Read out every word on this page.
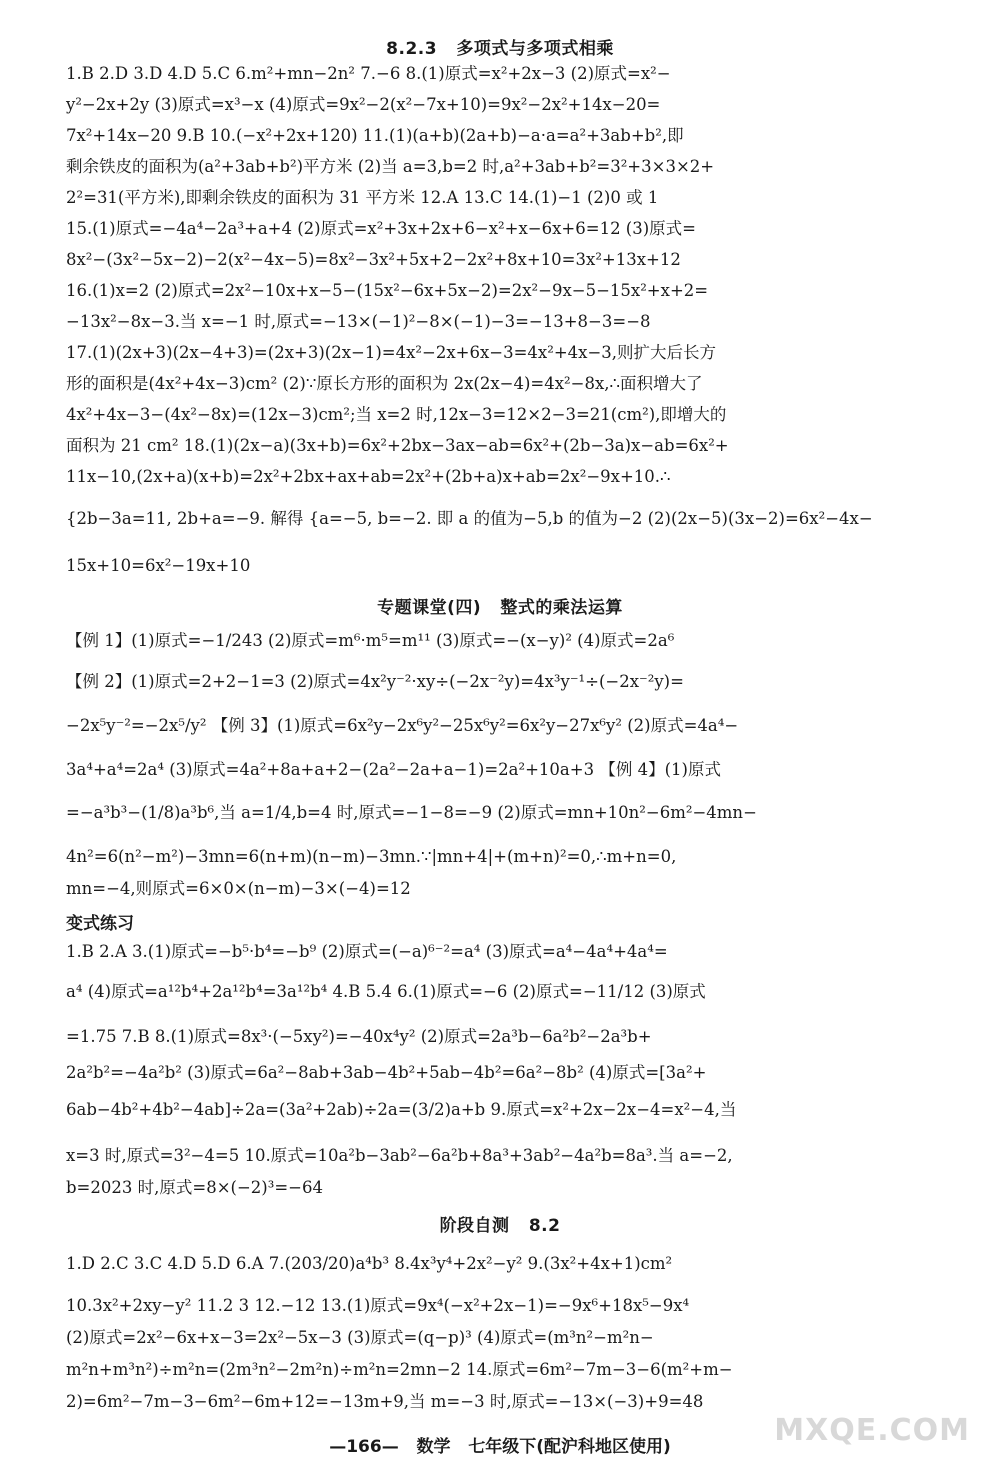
8.2.3   多项式与多项式相乘
1.B 2.D 3.D 4.D 5.C 6.m²+mn−2n² 7.−6 8.(1)原式=x²+2x−3 (2)原式=x²−
y²−2x+2y (3)原式=x³−x (4)原式=9x²−2(x²−7x+10)=9x²−2x²+14x−20=
7x²+14x−20 9.B 10.(−x²+2x+120) 11.(1)(a+b)(2a+b)−a·a=a²+3ab+b²,即
剩余铁皮的面积为(a²+3ab+b²)平方米 (2)当 a=3,b=2 时,a²+3ab+b²=3²+3×3×2+
2²=31(平方米),即剩余铁皮的面积为 31 平方米 12.A 13.C 14.(1)−1 (2)0 或 1
15.(1)原式=−4a⁴−2a³+a+4 (2)原式=x²+3x+2x+6−x²+x−6x+6=12 (3)原式=
8x²−(3x²−5x−2)−2(x²−4x−5)=8x²−3x²+5x+2−2x²+8x+10=3x²+13x+12
16.(1)x=2 (2)原式=2x²−10x+x−5−(15x²−6x+5x−2)=2x²−9x−5−15x²+x+2=
−13x²−8x−3.当 x=−1 时,原式=−13×(−1)²−8×(−1)−3=−13+8−3=−8
17.(1)(2x+3)(2x−4+3)=(2x+3)(2x−1)=4x²−2x+6x−3=4x²+4x−3,则扩大后长方
形的面积是(4x²+4x−3)cm² (2)∵原长方形的面积为 2x(2x−4)=4x²−8x,∴面积增大了
4x²+4x−3−(4x²−8x)=(12x−3)cm²;当 x=2 时,12x−3=12×2−3=21(cm²),即增大的
面积为 21 cm² 18.(1)(2x−a)(3x+b)=6x²+2bx−3ax−ab=6x²+(2b−3a)x−ab=6x²+
11x−10,(2x+a)(x+b)=2x²+2bx+ax+ab=2x²+(2b+a)x+ab=2x²−9x+10.∴
{2b−3a=11, 2b+a=−9. 解得 {a=−5, b=−2. 即 a 的值为−5,b 的值为−2 (2)(2x−5)(3x−2)=6x²−4x−
15x+10=6x²−19x+10
专题课堂(四)   整式的乘法运算
【例 1】(1)原式=−1/243 (2)原式=m⁶·m⁵=m¹¹ (3)原式=−(x−y)² (4)原式=2a⁶
【例 2】(1)原式=2+2−1=3 (2)原式=4x²y⁻²·xy÷(−2x⁻²y)=4x³y⁻¹÷(−2x⁻²y)=
−2x⁵y⁻²=−2x⁵/y² 【例 3】(1)原式=6x²y−2x⁶y²−25x⁶y²=6x²y−27x⁶y² (2)原式=4a⁴−
3a⁴+a⁴=2a⁴ (3)原式=4a²+8a+a+2−(2a²−2a+a−1)=2a²+10a+3 【例 4】(1)原式
=−a³b³−(1/8)a³b⁶,当 a=1/4,b=4 时,原式=−1−8=−9 (2)原式=mn+10n²−6m²−4mn−
4n²=6(n²−m²)−3mn=6(n+m)(n−m)−3mn.∵|mn+4|+(m+n)²=0,∴m+n=0,
mn=−4,则原式=6×0×(n−m)−3×(−4)=12
变式练习
1.B 2.A 3.(1)原式=−b⁵·b⁴=−b⁹ (2)原式=(−a)⁶⁻²=a⁴ (3)原式=a⁴−4a⁴+4a⁴=
a⁴ (4)原式=a¹²b⁴+2a¹²b⁴=3a¹²b⁴ 4.B 5.4 6.(1)原式=−6 (2)原式=−11/12 (3)原式
=1.75 7.B 8.(1)原式=8x³·(−5xy²)=−40x⁴y² (2)原式=2a³b−6a²b²−2a³b+
2a²b²=−4a²b² (3)原式=6a²−8ab+3ab−4b²+5ab−4b²=6a²−8b² (4)原式=[3a²+
6ab−4b²+4b²−4ab]÷2a=(3a²+2ab)÷2a=(3/2)a+b 9.原式=x²+2x−2x−4=x²−4,当
x=3 时,原式=3²−4=5 10.原式=10a²b−3ab²−6a²b+8a³+3ab²−4a²b=8a³.当 a=−2,
b=2023 时,原式=8×(−2)³=−64
阶段自测   8.2
1.D 2.C 3.C 4.D 5.D 6.A 7.(203/20)a⁴b³ 8.4x³y⁴+2x²−y² 9.(3x²+4x+1)cm²
10.3x²+2xy−y² 11.2 3 12.−12 13.(1)原式=9x⁴(−x²+2x−1)=−9x⁶+18x⁵−9x⁴
(2)原式=2x²−6x+x−3=2x²−5x−3 (3)原式=(q−p)³ (4)原式=(m³n²−m²n−
m²n+m³n²)÷m²n=(2m³n²−2m²n)÷m²n=2mn−2 14.原式=6m²−7m−3−6(m²+m−
2)=6m²−7m−3−6m²−6m+12=−13m+9,当 m=−3 时,原式=−13×(−3)+9=48
MXQE.COM
—166—   数学   七年级下(配沪科地区使用)
